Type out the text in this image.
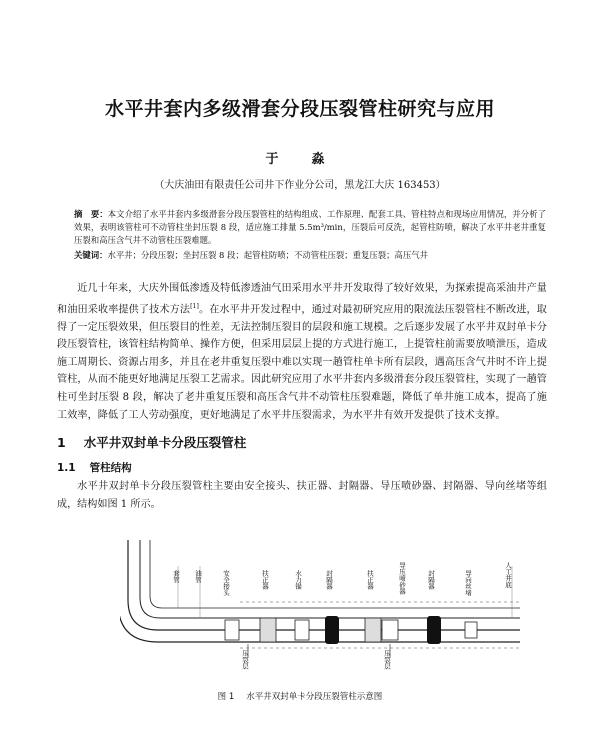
水平井套内多级滑套分段压裂管柱研究与应用
于　淼
（大庆油田有限责任公司井下作业分公司，黑龙江大庆 163453）
摘　要：本文介绍了水平井套内多级滑套分段压裂管柱的结构组成、工作原理、配套工具、管柱特点和现场应用情况，并分析了效果，表明该管柱可不动管柱坐封压裂 8 段，适应施工排量 5.5m³/min，压裂后可反洗，起管柱防喷，解决了水平井老井重复压裂和高压含气井不动管柱压裂难题。
关键词：水平井；分段压裂；坐封压裂 8 段；起管柱防喷；不动管柱压裂；重复压裂；高压气井
近几十年来，大庆外围低渗透及特低渗透油气田采用水平井开发取得了较好效果，为探索提高采油井产量和油田采收率提供了技术方法[1]。在水平井开发过程中，通过对最初研究应用的限流法压裂管柱不断改进，取得了一定压裂效果，但压裂目的性差，无法控制压裂目的层段和施工规模。之后逐步发展了水平井双封单卡分段压裂管柱，该管柱结构简单、操作方便，但采用层层上提的方式进行施工，上提管柱前需要放喷泄压，造成施工周期长、资源占用多，并且在老井重复压裂中难以实现一趟管柱单卡所有层段，遇高压含气井时不许上提管柱，从而不能更好地满足压裂工艺需求。因此研究应用了水平井套内多级滑套分段压裂管柱，实现了一趟管柱可坐封压裂 8 段，解决了老井重复压裂和高压含气井不动管柱压裂难题，降低了单井施工成本，提高了施工效率，降低了工人劳动强度，更好地满足了水平井压裂需求，为水平井有效开发提供了技术支撑。
1 水平井双封单卡分段压裂管柱
1.1 管柱结构
水平井双封单卡分段压裂管柱主要由安全接头、扶正器、封隔器、导压喷砂器、封隔器、导向丝堵等组成，结构如图 1 所示。
套管 油管	安全接头	扶正器	水力锚	封隔器	扶正器	导压喷砂器	封隔器	导向丝堵	人工井底
压裂层	压裂层
图 1 水平井双封单卡分段压裂管柱示意图
